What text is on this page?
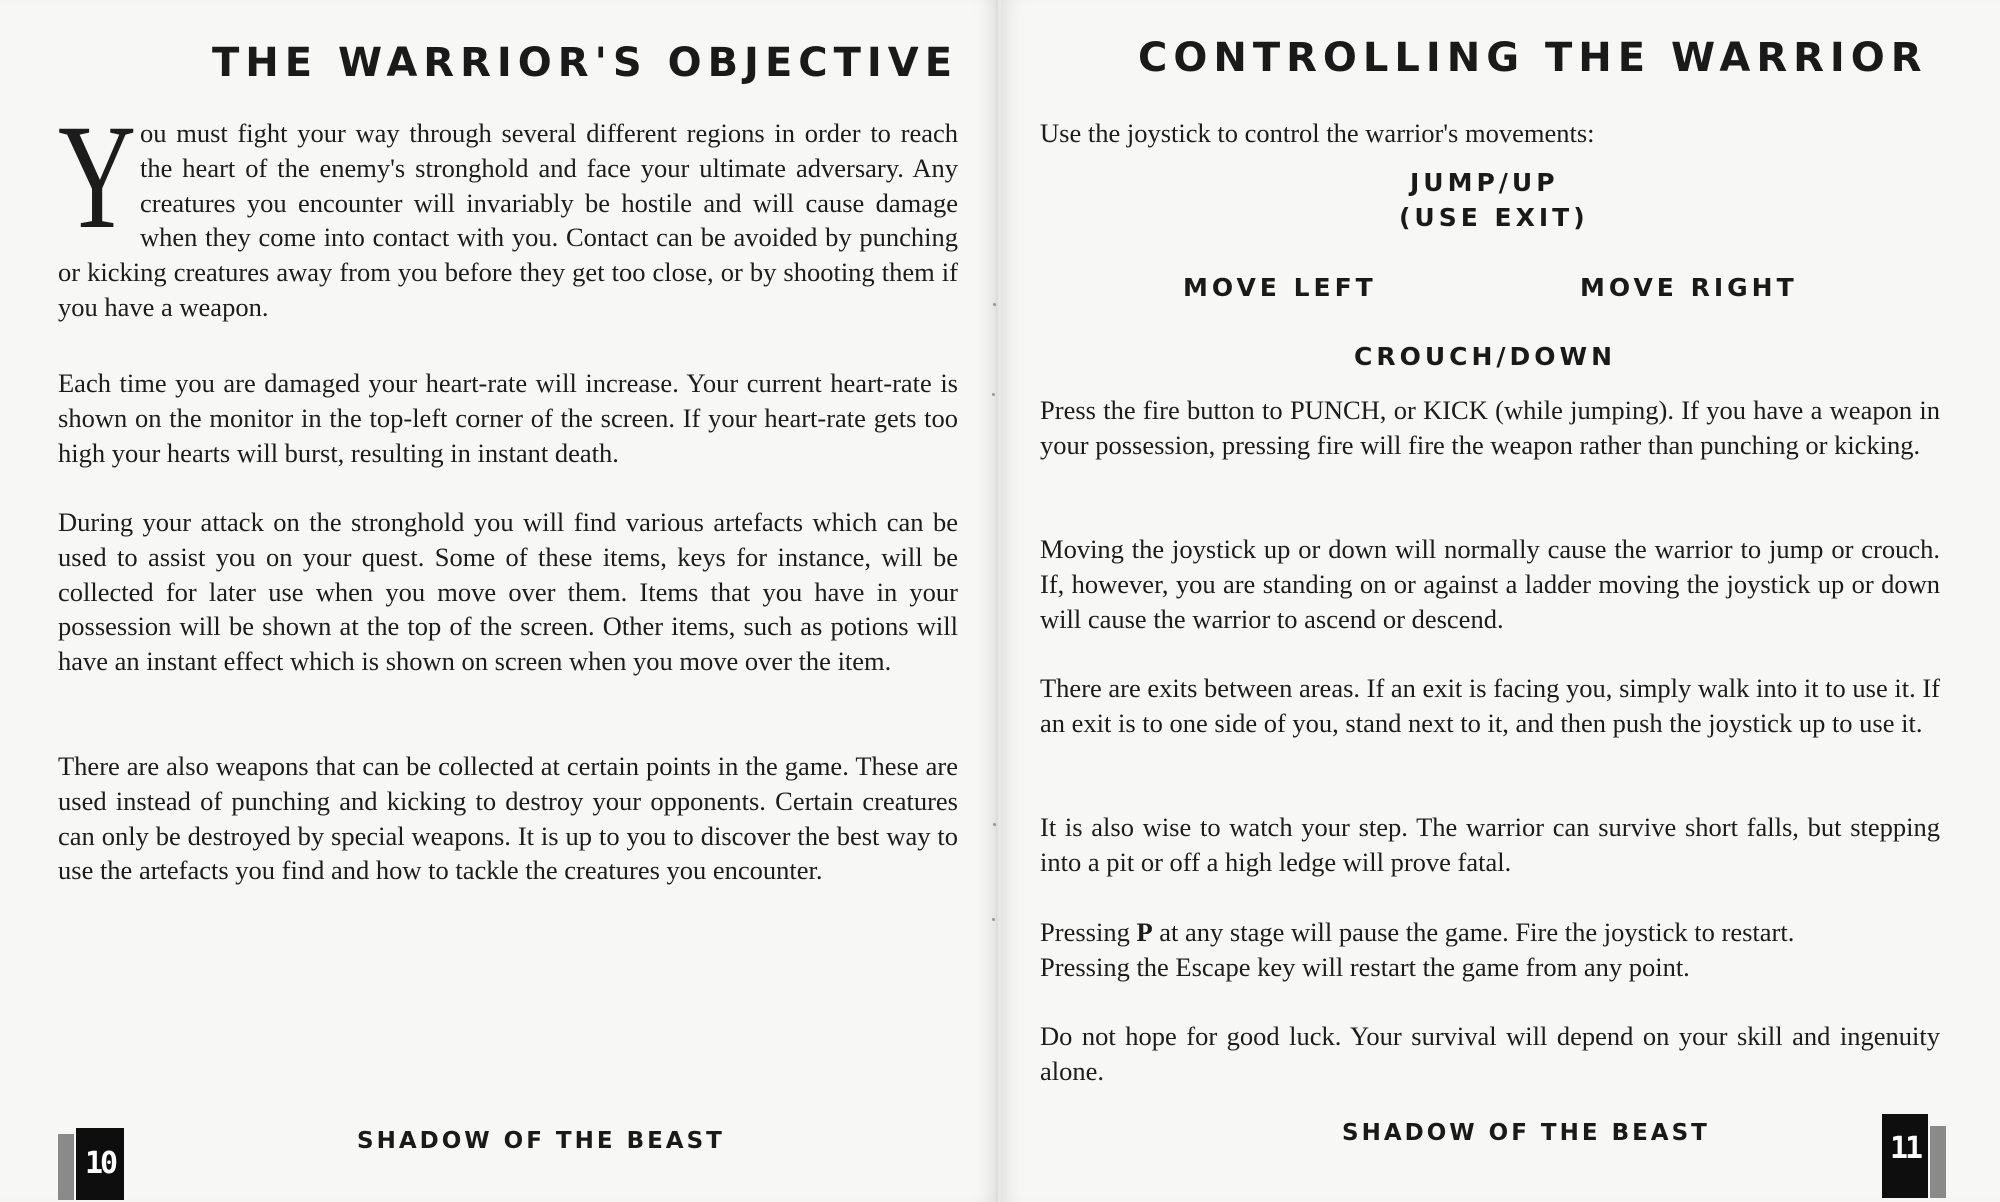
THE WARRIOR'S OBJECTIVE
Y ou must fight your way through several different regions in order to reach the heart of the enemy's stronghold and face your ultimate adversary. Any creatures you encounter will invariably be hostile and will cause damage when they come into contact with you. Contact can be avoided by punching or kicking creatures away from you before they get too close, or by shooting them if you have a weapon.

Each time you are damaged your heart-rate will increase. Your current heart-rate is shown on the monitor in the top-left corner of the screen. If your heart-rate gets too high your hearts will burst, resulting in instant death.

During your attack on the stronghold you will find various artefacts which can be used to assist you on your quest. Some of these items, keys for instance, will be collected for later use when you move over them. Items that you have in your possession will be shown at the top of the screen. Other items, such as potions will have an instant effect which is shown on screen when you move over the item.

There are also weapons that can be collected at certain points in the game. These are used instead of punching and kicking to destroy your opponents. Certain creatures can only be destroyed by special weapons. It is up to you to discover the best way to use the artefacts you find and how to tackle the creatures you encounter.

10
SHADOW OF THE BEAST
CONTROLLING THE WARRIOR

Use the joystick to control the warrior's movements:

JUMP/UP
(USE EXIT)
MOVE LEFT	MOVE RIGHT
CROUCH/DOWN

Press the fire button to PUNCH, or KICK (while jumping). If you have a weapon in your possession, pressing fire will fire the weapon rather than punching or kicking.

Moving the joystick up or down will normally cause the warrior to jump or crouch. If, however, you are standing on or against a ladder moving the joystick up or down will cause the warrior to ascend or descend.

There are exits between areas. If an exit is facing you, simply walk into it to use it. If an exit is to one side of you, stand next to it, and then push the joystick up to use it.

It is also wise to watch your step. The warrior can survive short falls, but stepping into a pit or off a high ledge will prove fatal.

Pressing P at any stage will pause the game. Fire the joystick to restart.
Pressing the Escape key will restart the game from any point.

Do not hope for good luck. Your survival will depend on your skill and ingenuity alone.

SHADOW OF THE BEAST	11
